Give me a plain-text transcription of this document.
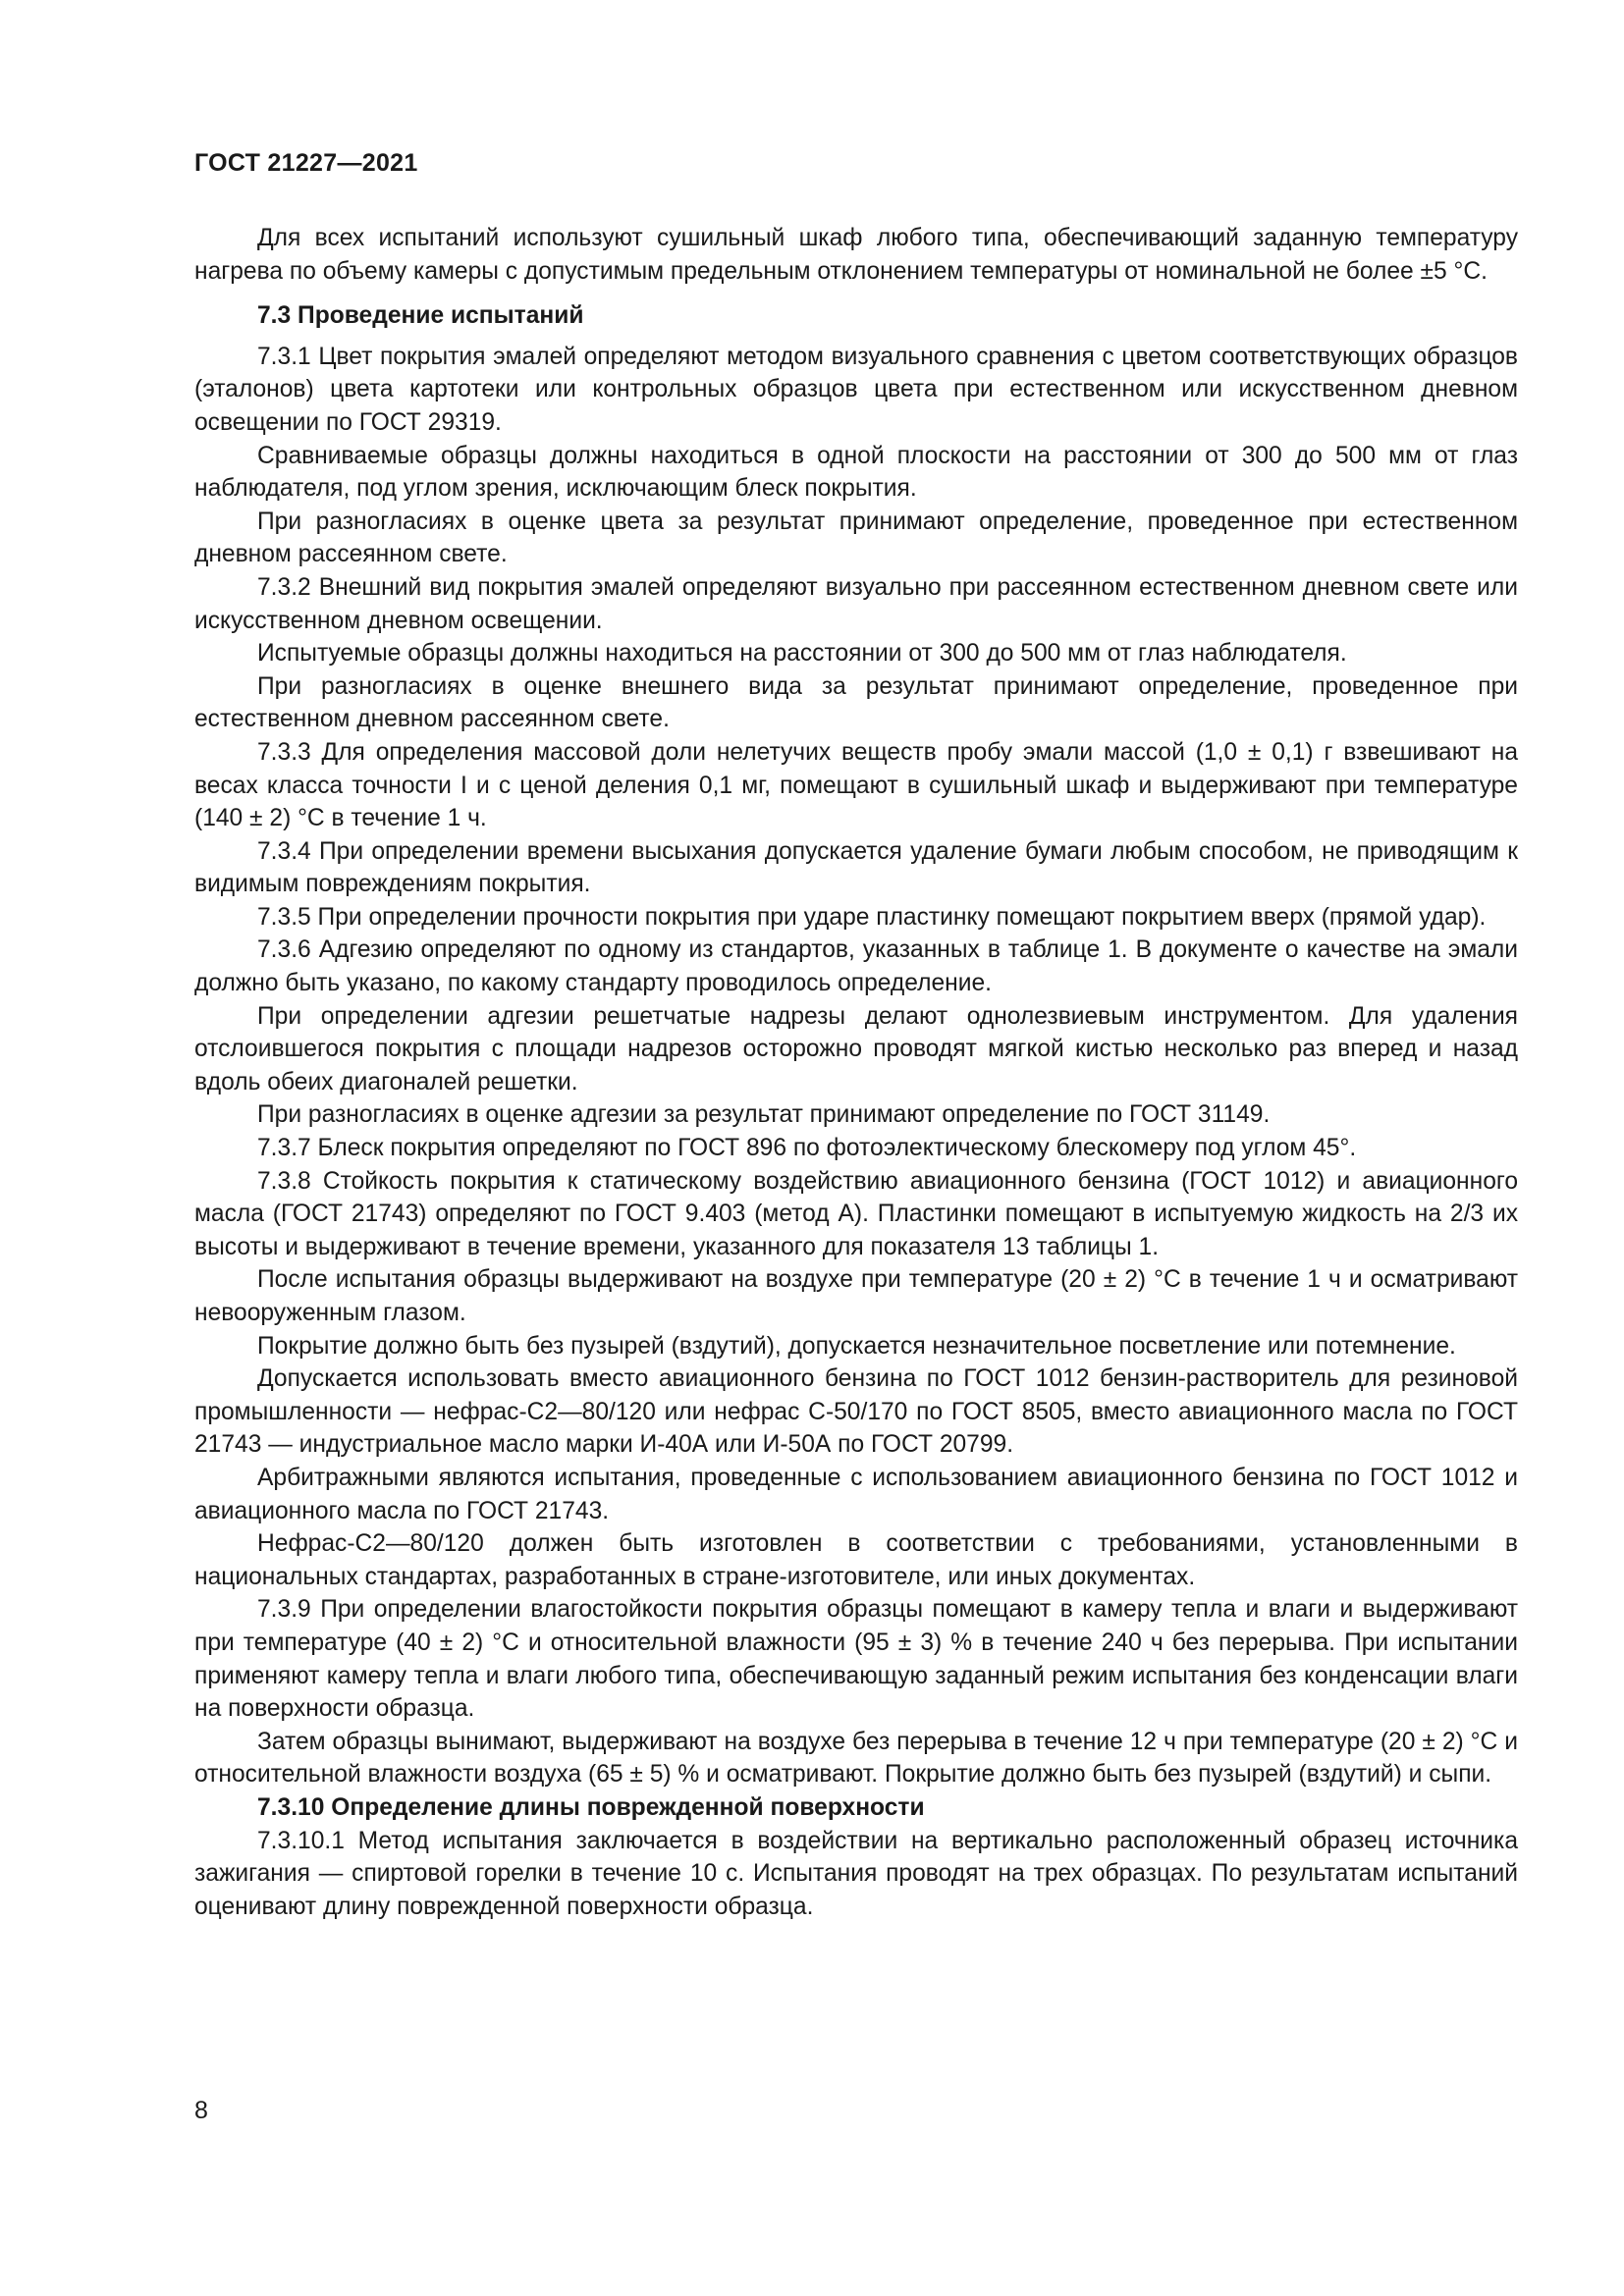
ГОСТ 21227—2021

Для всех испытаний используют сушильный шкаф любого типа, обеспечивающий заданную температуру нагрева по объему камеры с допустимым предельным отклонением температуры от номинальной не более ±5 °С.

7.3 Проведение испытаний

7.3.1 Цвет покрытия эмалей определяют методом визуального сравнения с цветом соответствующих образцов (эталонов) цвета картотеки или контрольных образцов цвета при естественном или искусственном дневном освещении по ГОСТ 29319.

Сравниваемые образцы должны находиться в одной плоскости на расстоянии от 300 до 500 мм от глаз наблюдателя, под углом зрения, исключающим блеск покрытия.

При разногласиях в оценке цвета за результат принимают определение, проведенное при естественном дневном рассеянном свете.

7.3.2 Внешний вид покрытия эмалей определяют визуально при рассеянном естественном дневном свете или искусственном дневном освещении.

Испытуемые образцы должны находиться на расстоянии от 300 до 500 мм от глаз наблюдателя.

При разногласиях в оценке внешнего вида за результат принимают определение, проведенное при естественном дневном рассеянном свете.

7.3.3 Для определения массовой доли нелетучих веществ пробу эмали массой (1,0 ± 0,1) г взвешивают на весах класса точности I и с ценой деления 0,1 мг, помещают в сушильный шкаф и выдерживают при температуре (140 ± 2) °С в течение 1 ч.

7.3.4 При определении времени высыхания допускается удаление бумаги любым способом, не приводящим к видимым повреждениям покрытия.

7.3.5 При определении прочности покрытия при ударе пластинку помещают покрытием вверх (прямой удар).

7.3.6 Адгезию определяют по одному из стандартов, указанных в таблице 1. В документе о качестве на эмали должно быть указано, по какому стандарту проводилось определение.

При определении адгезии решетчатые надрезы делают однолезвиевым инструментом. Для удаления отслоившегося покрытия с площади надрезов осторожно проводят мягкой кистью несколько раз вперед и назад вдоль обеих диагоналей решетки.

При разногласиях в оценке адгезии за результат принимают определение по ГОСТ 31149.

7.3.7 Блеск покрытия определяют по ГОСТ 896 по фотоэлектическому блескомеру под углом 45°.

7.3.8 Стойкость покрытия к статическому воздействию авиационного бензина (ГОСТ 1012) и авиационного масла (ГОСТ 21743) определяют по ГОСТ 9.403 (метод А). Пластинки помещают в испытуемую жидкость на 2/3 их высоты и выдерживают в течение времени, указанного для показателя 13 таблицы 1.

После испытания образцы выдерживают на воздухе при температуре (20 ± 2) °С в течение 1 ч и осматривают невооруженным глазом.

Покрытие должно быть без пузырей (вздутий), допускается незначительное посветление или потемнение.

Допускается использовать вместо авиационного бензина по ГОСТ 1012 бензин-растворитель для резиновой промышленности — нефрас-С2—80/120 или нефрас С-50/170 по ГОСТ 8505, вместо авиационного масла по ГОСТ 21743 — индустриальное масло марки И-40А или И-50А по ГОСТ 20799.

Арбитражными являются испытания, проведенные с использованием авиационного бензина по ГОСТ 1012 и авиационного масла по ГОСТ 21743.

Нефрас-С2—80/120 должен быть изготовлен в соответствии с требованиями, установленными в национальных стандартах, разработанных в стране-изготовителе, или иных документах.

7.3.9 При определении влагостойкости покрытия образцы помещают в камеру тепла и влаги и выдерживают при температуре (40 ± 2) °С и относительной влажности (95 ± 3) % в течение 240 ч без перерыва. При испытании применяют камеру тепла и влаги любого типа, обеспечивающую заданный режим испытания без конденсации влаги на поверхности образца.

Затем образцы вынимают, выдерживают на воздухе без перерыва в течение 12 ч при температуре (20 ± 2) °С и относительной влажности воздуха (65 ± 5) % и осматривают. Покрытие должно быть без пузырей (вздутий) и сыпи.

7.3.10 Определение длины поврежденной поверхности

7.3.10.1 Метод испытания заключается в воздействии на вертикально расположенный образец источника зажигания — спиртовой горелки в течение 10 с. Испытания проводят на трех образцах. По результатам испытаний оценивают длину поврежденной поверхности образца.

8
